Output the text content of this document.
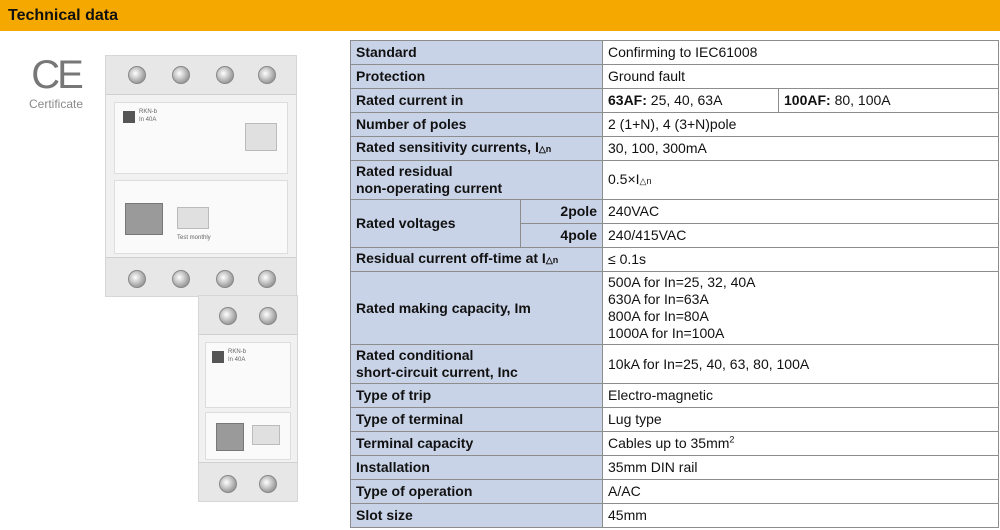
Technical data
CE
Certificate
RKN-b
In 40A
Test monthly
RKN-b
In 40A
Standard		Confirming to IEC61008	
Protection		Ground fault	
Rated current in		63AF: 25, 40, 63A	100AF: 80, 100A
Number of poles		2 (1+N), 4 (3+N)pole	
Rated sensitivity currents, I△n		30, 100, 300mA	
Rated residual
non-operating current		0.5×I△n	
Rated voltages	2pole	240VAC	
	4pole	240/415VAC	
Residual current off-time at I△n		≤ 0.1s	
Rated making capacity, Im		500A for In=25, 32, 40A
630A for In=63A
800A for In=80A
1000A for In=100A	
Rated conditional
short-circuit current, Inc		10kA for In=25, 40, 63, 80, 100A	
Type of trip		Electro-magnetic	
Type of terminal		Lug type	
Terminal capacity		Cables up to $35mm^2$
Installation		35mm DIN rail	
Type of operation		A/AC	
Slot size		45mm	
